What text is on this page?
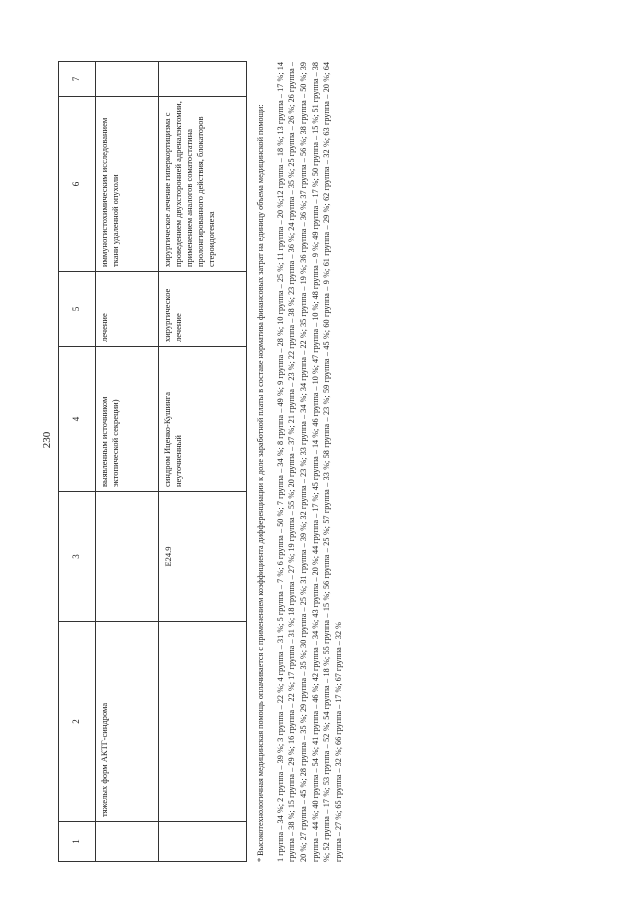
230
1	2	3	4	5	6	7
	тяжелых форм АКТГ-синдрома		выявленным источником эктопической секреции)	лечение	иммуногистохимическим исследованием ткани удаленной опухоли	
		E24.9	синдром Иценко-Кушинга неуточненный	хирургическое лечение	хирургическое лечение гиперкортицизма с проведением двухсторонней адреналэктомии, применением аналогов соматостатина пролонгированного действия, блокаторов стероидогенеза		* Высокотехнологичная медицинская помощь оплачивается с применением коэффициента дифференциации к доле заработной платы в составе норматива финансовых затрат на единицу объема медицинской помощи: 1 группа – 34 %; 2 группа – 39 %; 3 группа – 22 %; 4 группа – 31 %; 5 группа – 7 %; 6 группа – 50 %; 7 группа – 34 %; 8 группа – 49 %; 9 группа – 28 %; 10 группа – 25 %; 11 группа – 20 %;12 группа – 18 %; 13 группа – 17 %; 14 группа – 38 %; 15 группа – 29 %; 16 группа – 22 %; 17 группа – 31 %; 18 группа – 27 %; 19 группа – 55 %; 20 группа – 37 %; 21 группа – 23 %; 22 группа – 38 %; 23 группа – 36 %; 24 группа – 35 %; 25 группа – 26 %; 26 группа – 20 %; 27 группа – 45 %; 28 группа – 35 %; 29 группа – 35 %; 30 группа – 25 %; 31 группа – 39 %; 32 группа – 23 %; 33 группа – 34 %; 34 группа – 22 %; 35 группа – 19 %; 36 группа – 36 %; 37 группа – 56 %; 38 группа – 50 %; 39 группа – 44 %; 40 группа – 54 %; 41 группа – 46 %; 42 группа – 34 %; 43 группа – 20 %; 44 группа – 17 %; 45 группа – 14 %; 46 группа – 10 %; 47 группа – 10 %; 48 группа – 9 %; 49 группа – 17 %; 50 группа – 15 %; 51 группа – 38 %; 52 группа – 17 %; 53 группа – 52 %; 54 группа – 18 %; 55 группа – 15 %; 56 группа – 25 %; 57 группа – 33 %; 58 группа – 23 %; 59 группа – 45 %; 60 группа – 9 %; 61 группа – 29 %; 62 группа – 32 %; 63 группа – 20 %; 64 группа – 27 %; 65 группа – 32 %; 66 группа – 17 %; 67 группа – 32 %
